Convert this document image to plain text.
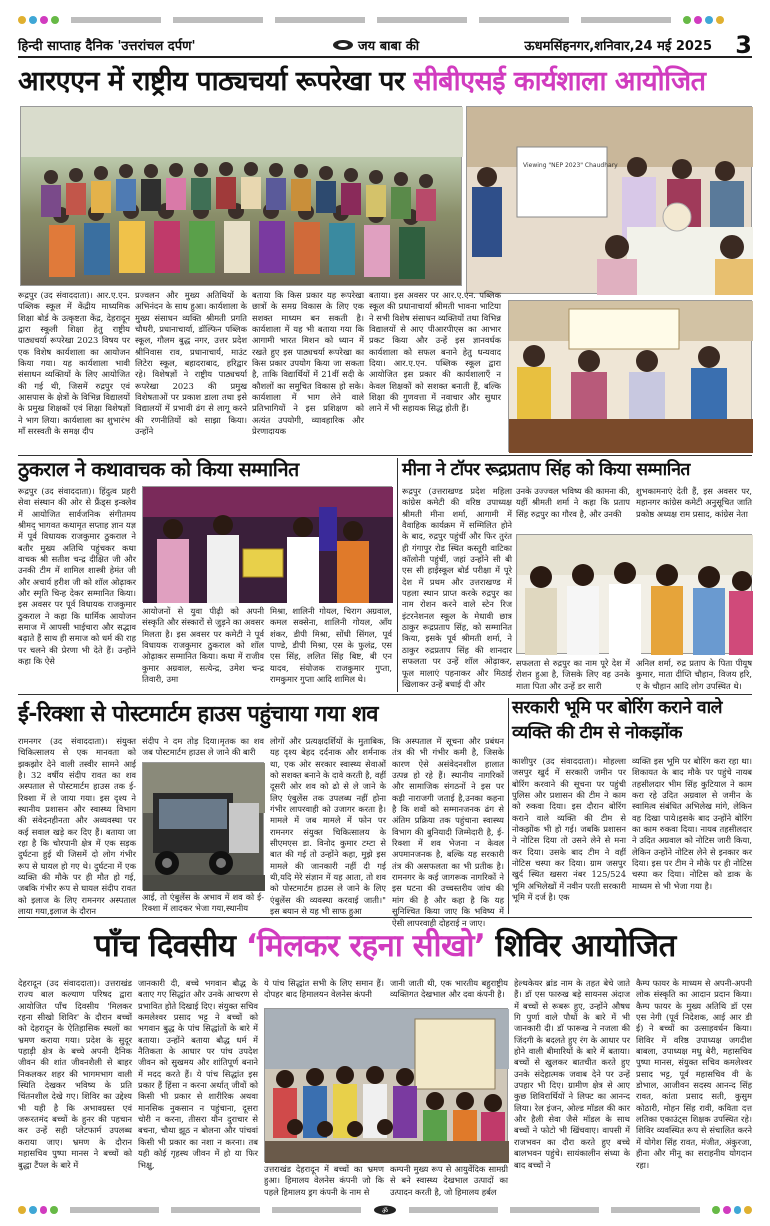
हिन्दी साप्ताह दैनिक 'उत्तरांचल दर्पण'	जय बाबा की	ऊधमसिंहनगर,शनिवार,24 मई 2025 3
आरएएन में राष्ट्रीय पाठ्यचर्या रूपरेखा पर सीबीएसई कार्यशाला आयोजित
Viewing "NEP 2023" Chaudhary
रूद्रपुर (उद संवाददाता)। आर.ए.एन. पब्लिक स्कूल में केंद्रीय माध्यमिक शिक्षा बोर्ड के उत्कृष्टता केंद्र, देहरादून द्वारा स्कूली शिक्षा हेतु राष्ट्रीय पाठ्यचर्या रूपरेखा 2023 विषय पर एक विशेष कार्यशाला का आयोजन किया गया। यह कार्यशाला भावी संसाधन व्यक्तियों के लिए आयोजित की गई थी, जिसमें रुद्रपुर एवं आसपास के क्षेत्रों के विभिन्न विद्यालयों के प्रमुख शिक्षकों एवं शिक्षा विशेषज्ञों ने भाग लिया। कार्यशाला का शुभारंभ माँ सरस्वती के समक्ष दीप
प्रज्वलन और मुख्य अतिथियों के अभिनंदन के साथ हुआ। कार्यशाला के मुख्य संसाधन व्यक्ति श्रीमती प्रगति चौधरी, प्रधानाचार्या, डॉल्फिन पब्लिक स्कूल, गौलम बुद्ध नगर, उत्तर प्रदेश श्रीनिवास राव, प्रधानाचार्य, माउंट लिटेरा स्कूल, बहादराबाद, हरिद्वार रहे। विशेषज्ञों ने राष्ट्रीय पाठ्यचर्या रूपरेखा 2023 की प्रमुख विशेषताओं पर प्रकाश डाला तथा इसे विद्यालयों में प्रभावी ढंग से लागू करने की रणनीतियों को साझा किया। उन्होंने
बताया कि किस प्रकार यह रूपरेखा छात्रों के समग्र विकास के लिए एक सशक्त माध्यम बन सकती है। कार्यशाला में यह भी बताया गया कि आगामी भारत मिशन को ध्यान में रखते हुए इस पाठ्यचर्या रूपरेखा का किस प्रकार उपयोग किया जा सकता है, ताकि विद्यार्थियों में 21वीं सदी के कौशलों का समुचित विकास हो सके। कार्यशाला में भाग लेने वाले प्रतिभागियों ने इस प्रशिक्षण को अत्यंत उपयोगी, व्यावहारिक और प्रेरणादायक
बताया। इस अवसर पर आर.ए.एन. पब्लिक स्कूल की प्रधानाचार्या श्रीमती भावना भाटिया ने सभी विशेष संसाधन व्यक्तियों तथा विभिन्न विद्यालयों से आए पीआरपीएस का आभार प्रकट किया और उन्हें इस ज्ञानवर्धक कार्यशाला को सफल बनाने हेतु धन्यवाद दिया। आर.ए.एन. पब्लिक स्कूल द्वारा आयोजित इस प्रकार की कार्यशालाएँ न केवल शिक्षकों को सशक्त बनाती हैं, बल्कि शिक्षा की गुणवत्ता में नवाचार और सुधार लाने में भी सहायक सिद्ध होती हैं।
ठुकराल ने कथावाचक को किया सम्मानित
रूद्रपुर (उद संवाददाता)। हिंदुत्व प्रहरी सेवा संस्थान की ओर से फ्रैंड्स इन्क्लेव में आयोजित सार्वजनिक संगीतमय श्रीमद् भागवत कथामृत सप्ताह ज्ञान यज्ञ में पूर्व विधायक राजकुमार ठुकराल ने बतौर मुख्य अतिथि पहुंचकर कथा वाचक श्री सतीश चन्द्र दीक्षित जी और उनकी टीम में शामिल शास्त्री हेमंत जी और अचार्य हरीश जी को शॉल ओढ़ाकर और स्मृति चिन्ह देकर सम्मानित किया। इस अवसर पर पूर्व विधायक राजकुमार ठुकराल ने कहा कि धार्मिक आयोजन समाज में आपसी भाईचारा और सद्भाव बढ़ाते हैं साथ ही समाज को धर्म की राह पर चलने की प्रेरणा भी देते हैं। उन्होंने कहा कि ऐसे
आयोजनों से युवा पीढ़ी को अपनी संस्कृति और संस्कारों से जुड़ने का अवसर मिलता है। इस अवसर पर कमेटी ने पूर्व विधायक राजकुमार ठुकराल को शॉल ओढ़ाकर सम्मानित किया। कथा में राजीव कुमार अग्रवाल, सत्येन्द्र, उमेश चन्द्र तिवारी, उमा
मिश्रा, शालिनी गोयल, चिराग अग्रवाल, कमल सक्सेना, शालिनी गोयल, आँय शंकर, डीपी मिश्रा, सोंधी सिंगल, पूर्व पाण्डे, डीपी मिश्रा, एस के फुलंद्र, एस एस सिंह, ललित सिंह बिष्ट, बी एन यादव, संयोजक राजकुमार गुप्ता, रामकुमार गुप्ता आदि शामिल थे।
मीना ने टॉपर रूद्रप्रताप सिंह को किया सम्मानित
रूद्रपुर (उत्तराखण्ड प्रदेश महिला कांग्रेस कमेटी की वरिष्ठ उपाध्यक्ष श्रीमती मीना शर्मा, आगामी में वैवाहिक कार्यक्रम में सम्मिलित होने के बाद, रुद्रपुर पहुंचीं और फिर तुरंत ही गंगापुर रोड स्थित कस्तूरी वाटिका कॉलोनी पहुंचीं, जहां उन्होंने सी बी एस सी हाईस्कूल बोर्ड परीक्षा में पूरे देश में प्रथम और उत्तराखण्ड में पहला स्थान प्राप्त करके रुद्रपुर का नाम रोशन करने वाले स्टेन रिज इंटरनेशनल स्कूल के मेधावी छात्र ठाकुर रूद्रप्रताप सिंह, को सम्मानित किया, इसके पूर्व श्रीमती शर्मा, ने ठाकुर रुद्रप्रताप सिंह की शानदार सफलता पर उन्हें शॉल ओढ़ाकर, फूल मालाएं पहनाकर और मिठाई खिलाकर उन्हें बधाई दी और
उनके उज्ज्वल भविष्य की कामना की, यहीं श्रीमती शर्मा ने कहा कि प्रताप सिंह रुद्रपुर का गौरव है, और उनकी
शुभकामनाएं देती हैं, इस अवसर पर, महानगर कांग्रेस कमेटी अनुसूचित जाति प्रकोष्ठ अध्यक्ष राम प्रसाद, कांग्रेस नेता
सफलता से रुद्रपुर का नाम पूरे देश में रोशन हुआ है, जिसके लिए वह उनके माता पिता और उन्हें डर सारी
अनिल शर्मा, रुद्र प्रताप के पिता पीयूष कुमार, माता दीप्ति चौहान, विजय हरि, ए के चौहान आदि लोग उपस्थित थे।
ई-रिक्शा से पोस्टमार्टम हाउस पहुंचाया गया शव
रामनगर (उद संवाददाता)। संयुक्त चिकित्सालय से एक मानवता को झकझोर देने वाली तस्वीर सामने आई है। 32 वर्षीय संदीप रावत का शव अस्पताल से पोस्टमार्टम हाउस तक ई-रिक्शा में ले जाया गया। इस दृश्य ने स्थानीय प्रशासन और स्वास्थ्य विभाग की संवेदनहीनता और अव्यवस्था पर कई सवाल खड़े कर दिए हैं। बताया जा रहा है कि चोरपानी क्षेत्र में एक सड़क दुर्घटना हुई थी जिसमें दो लोग गंभीर रूप से घायल हो गए थे। दुर्घटना में एक व्यक्ति की मौके पर ही मौत हो गई, जबकि गंभीर रूप से घायल संदीप रावत को इलाज के लिए रामनगर अस्पताल लाया गया,इलाज के दौरान
संदीप ने दम तोड़ दिया।मृतक का शव जब पोस्टमार्टम हाउस ले जाने की बारी
आई, तो एंबुलेंस के अभाव में शव को ई-रिक्शा में लादकर भेजा गया,स्थानीय
लोगों और प्रत्यक्षदर्शियों के मुताबिक, यह दृश्य बेहद दर्दनाक और शर्मनाक था, एक ओर सरकार स्वास्थ्य सेवाओं को सशक्त बनाने के दावे करती है, वहीं दूसरी ओर शव को ढो से ले जाने के लिए एंबुलेंस तक उपलब्ध नहीं होना गंभीर लापरवाही को उजागर करता है। मामले में जब मामले में फोन पर रामनगर संयुक्त चिकित्सालय के सीएमएस डा. विनोद कुमार टम्टा से बात की गई तो उन्होंने कहा, मुझे इस मामले की जानकारी नहीं दी गई थी,यदि मेरे संज्ञान में यह आता, तो शव को पोस्टमार्टम हाउस ले जाने के लिए एंबुलेंस की व्यवस्था करवाई जाती।" इस बयान से यह भी साफ हुआ
कि अस्पताल में सूचना और प्रबंधन तंत्र की भी गंभीर कमी है, जिसके कारण ऐसे असंवेदनशील हालात उत्पन्न हो रहे हैं। स्थानीय नागरिकों और सामाजिक संगठनों ने इस पर कड़ी नाराजगी जताई है,उनका कहना है कि शवों को सम्मानजनक ढंग से अंतिम प्रक्रिया तक पहुंचाना स्वास्थ्य विभाग की बुनियादी जिम्मेदारी है, ई-रिक्शा में शव भेजना न केवल अपमानजनक है, बल्कि यह सरकारी तंत्र की असफलता का भी प्रतीक है।रामनगर के कई जागरूक नागरिकों ने इस घटना की उच्चस्तरीय जांच की मांग की है और कहा है कि यह सुनिश्चित किया जाए कि भविष्य में ऐसी लापरवाही दोहराई न जाए।
सरकारी भूमि पर बोरिंग कराने वाले व्यक्ति की टीम से नोकझोंक
काशीपुर (उद संवाददाता)। मोहल्ला जसपुर खुर्द में सरकारी जमीन पर बोरिंग करवाने की सूचना पर पहुंची पुलिस और प्रशासन की टीम ने काम को रुकवा दिया। इस दौरान बोरिंग कराने वाले व्यक्ति की टीम से नोकझोंक भी हो गई। जबकि प्रशासन ने नोटिस दिया तो उसने लेने से मना कर दिया। उसके बाद टीम ने वहीं नोटिस चस्पा कर दिया। ग्राम जसपुर खुर्द स्थित खसरा नंबर 125/524 भूमि अभिलेखों में नवीन परती सरकारी भूमि में दर्ज है। एक
व्यक्ति इस भूमि पर बोरिंग करा रहा था। शिकायत के बाद मौके पर पहुंचे नायब तहसीलदार भीम सिंह कुटियाल ने काम करा रहे उदित अग्रवाल से जमीन के स्वामित्व संबंधित अभिलेख मांगे, लेकिन वह दिखा पाये।इसके बाद उन्होंने बोरिंग का काम रुकवा दिया। नायब तहसीलदार ने उदित अग्रवाल को नोटिस जारी किया, लेकिन उन्होंने नोटिस लेने से इनकार कर दिया। इस पर टीम ने मौके पर ही नोटिस चस्पा कर दिया। नोटिस को डाक के माध्यम से भी भेजा गया है।
पाँच दिवसीय ‘मिलकर रहना सीखो’ शिविर आयोजित
देहरादून (उद संवाददाता)। उत्तराखंड राज्य बाल कल्याण परिषद द्वारा आयोजित पाँच दिवसीय 'मिलकर रहना सीखो शिविर' के दौरान बच्चों को देहरादून के ऐतिहासिक स्थलों का भ्रमण कराया गया। प्रदेश के सुदूर पहाड़ी क्षेत्र के बच्चे अपनी दैनिक जीवन की शांत जीवनशैली से बाहर निकलकर शहर की भागमभाग वाली स्थिति देखकर भविष्य के प्रति चिंतनशील देखे गए। शिविर का उद्देश्य भी यही है कि अभावग्रस्त एवं जरूरतमंद बच्चों के हुनर की पहचान कर उन्हें सही प्लेटफार्म उपलब्ध कराया जाए। भ्रमण के दौरान महासचिव पुष्पा मानस ने बच्चों को बुद्धा टैंपल के बारे में
जानकारी दी, बच्चे भगवान बौद्ध के बताए गए सिद्धांत और उनके आचरण से प्रभावित होते दिखाई दिए। संयुक्त सचिव कमलेश्वर प्रसाद भट्ट ने बच्चों को भगवान बुद्ध के पांच सिद्धांतों के बारे में बताया। उन्होंने बताया बौद्ध धर्म में नैतिकता के आधार पर पांच उपदेश जीवन को सुखमय और शांतिपूर्ण बनाने में मदद करते हैं। ये पांच सिद्धांत इस प्रकार हैं हिंसा न करना अर्थात् जीवों को किसी भी प्रकार से शारीरिक अथवा मानसिक नुकसान न पहुंचाना, दूसरा चोरी न करना, तीसरा यौन दुराचार से बचना, चौथा झूठ न बोलना और पांचवां किसी भी प्रकार का नशा न करना। तब यही कोई गृहस्थ जीवन में हो या फिर भिक्षु,
ये पांच सिद्धांत सभी के लिए समान हैं। दोपहर बाद हिमालयन वेलनेस कंपनी
जानी जाती थी, एक भारतीय बहुराष्ट्रीय व्यक्तिगत देखभाल और दवा कंपनी है।
उत्तराखंड देहरादून में बच्चों का भ्रमण हुआ। हिमालय वेलनेस कंपनी जो कि पहले हिमालय ड्रग कंपनी के नाम से
कम्पनी मुख्य रूप से आयुर्वेदिक सामग्री से बने स्वास्थ्य देखभाल उत्पादों का उत्पादन करती है, जो हिमालय हर्बल
हेल्थकेयर ब्रांड नाम के तहत बेचे जाते हैं। डॉ एस फारुख बड़े सायनस अंदाज में बच्चों से रूबरू हुए, उन्होंने औषध गि पुर्णा वाले पौधों के बारे में भी जानकारी दी। डॉ फारूख ने नजला की जिंदगी के बदलते हुए रंग के आधार पर होने वाली बीमारियों के बारे में बताया। बच्चों से खुलकर बातचीत करते हुए उनके संदेहात्मक जवाब देने पर उन्हें उपहार भी दिए। ग्रामीण क्षेत्र से आए कुछ शिविरार्थियों ने लिफ्ट का आनन्द लिया। रेल इंजन, ओल्ड मॉडल की कार और हैली सेवा जैसे मॉडल के साथ बच्चों ने फोटो भी खिंचवाए। वापसी में राजभवन का दौरा करते हुए बच्चे बालभवन पहुंचे। सायंकालीन संध्या के बाद बच्चों ने
कैम्प फायर के माध्यम से अपनी-अपनी लोक संस्कृति का आदान प्रदान किया। कैम्प फायर के मुख्य अतिथि डॉ एस एस नेगी (पूर्व निदेशक, आई आर डी ई) ने बच्चों का उत्साहवर्धन किया। शिविर में वरिष्ठ उपाध्यक्ष जगदीश बाबला, उपाध्यक्ष मधु बेरी, महासचिव पुष्पा मानस, संयुक्त सचिव कमलेश्वर प्रसाद भट्ट, पूर्व महासचिव वी के डोभाल, आजीवन सदस्य आनन्द सिंह रावत, कांता प्रसाद सती, कुसुम कोठारी, मोहन सिंह रावी, कविता दत्त लतिका एकाउंट्स शिक्षक उपस्थित रहे। शिविर व्यवस्थित रूप से संचालित करने में योगेश सिंह रावत, मंजीत, अंकुरजा, हीना और मीनू का सराहनीय योगदान रहा।
ॐ
